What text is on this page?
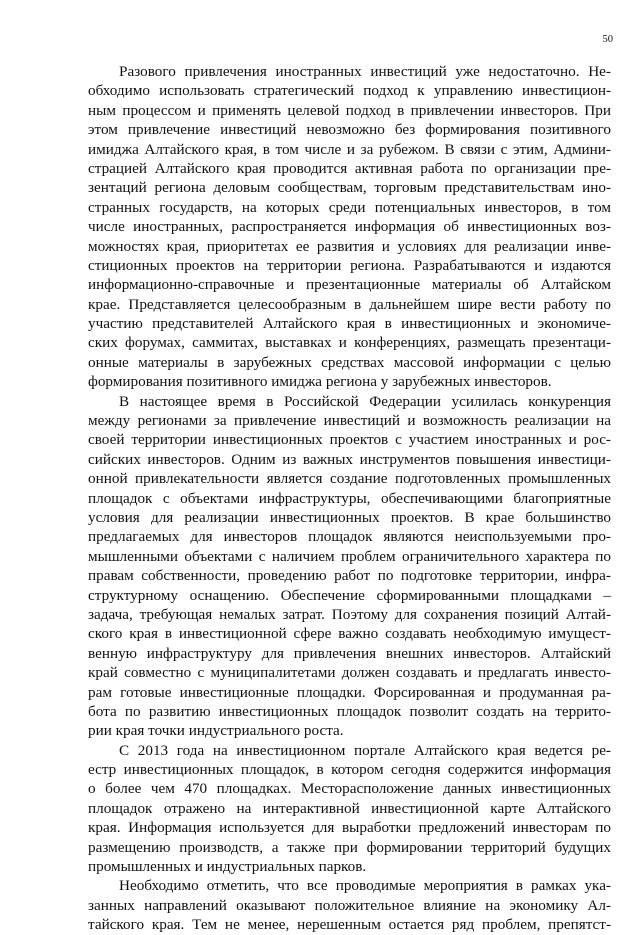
50
Разового привлечения иностранных инвестиций уже недостаточно. Не-
обходимо использовать стратегический подход к управлению инвестицион-
ным процессом и применять целевой подход в привлечении инвесторов. При
этом привлечение инвестиций невозможно без формирования позитивного
имиджа Алтайского края, в том числе и за рубежом. В связи с этим, Админи-
страцией Алтайского края проводится активная работа по организации пре-
зентаций региона деловым сообществам, торговым представительствам ино-
странных государств, на которых среди потенциальных инвесторов, в том
числе иностранных, распространяется информация об инвестиционных воз-
можностях края, приоритетах ее развития и условиях для реализации инве-
стиционных проектов на территории региона. Разрабатываются и издаются
информационно-справочные и презентационные материалы об Алтайском
крае. Представляется целесообразным в дальнейшем шире вести работу по
участию представителей Алтайского края в инвестиционных и экономиче-
ских форумах, саммитах, выставках и конференциях, размещать презентаци-
онные материалы в зарубежных средствах массовой информации с целью
формирования позитивного имиджа региона у зарубежных инвесторов.
В настоящее время в Российской Федерации усилилась конкуренция
между регионами за привлечение инвестиций и возможность реализации на
своей территории инвестиционных проектов с участием иностранных и рос-
сийских инвесторов. Одним из важных инструментов повышения инвестици-
онной привлекательности является создание подготовленных промышленных
площадок с объектами инфраструктуры, обеспечивающими благоприятные
условия для реализации инвестиционных проектов. В крае большинство
предлагаемых для инвесторов площадок являются неиспользуемыми про-
мышленными объектами с наличием проблем ограничительного характера по
правам собственности, проведению работ по подготовке территории, инфра-
структурному оснащению. Обеспечение сформированными площадками –
задача, требующая немалых затрат. Поэтому для сохранения позиций Алтай-
ского края в инвестиционной сфере важно создавать необходимую имущест-
венную инфраструктуру для привлечения внешних инвесторов. Алтайский
край совместно с муниципалитетами должен создавать и предлагать инвесто-
рам готовые инвестиционные площадки. Форсированная и продуманная ра-
бота по развитию инвестиционных площадок позволит создать на террито-
рии края точки индустриального роста.
С 2013 года на инвестиционном портале Алтайского края ведется ре-
естр инвестиционных площадок, в котором сегодня содержится информация
о более чем 470 площадках. Месторасположение данных инвестиционных
площадок отражено на интерактивной инвестиционной карте Алтайского
края. Информация используется для выработки предложений инвесторам по
размещению производств, а также при формировании территорий будущих
промышленных и индустриальных парков.
Необходимо отметить, что все проводимые мероприятия в рамках ука-
занных направлений оказывают положительное влияние на экономику Ал-
тайского края. Тем не менее, нерешенным остается ряд проблем, препятст-
